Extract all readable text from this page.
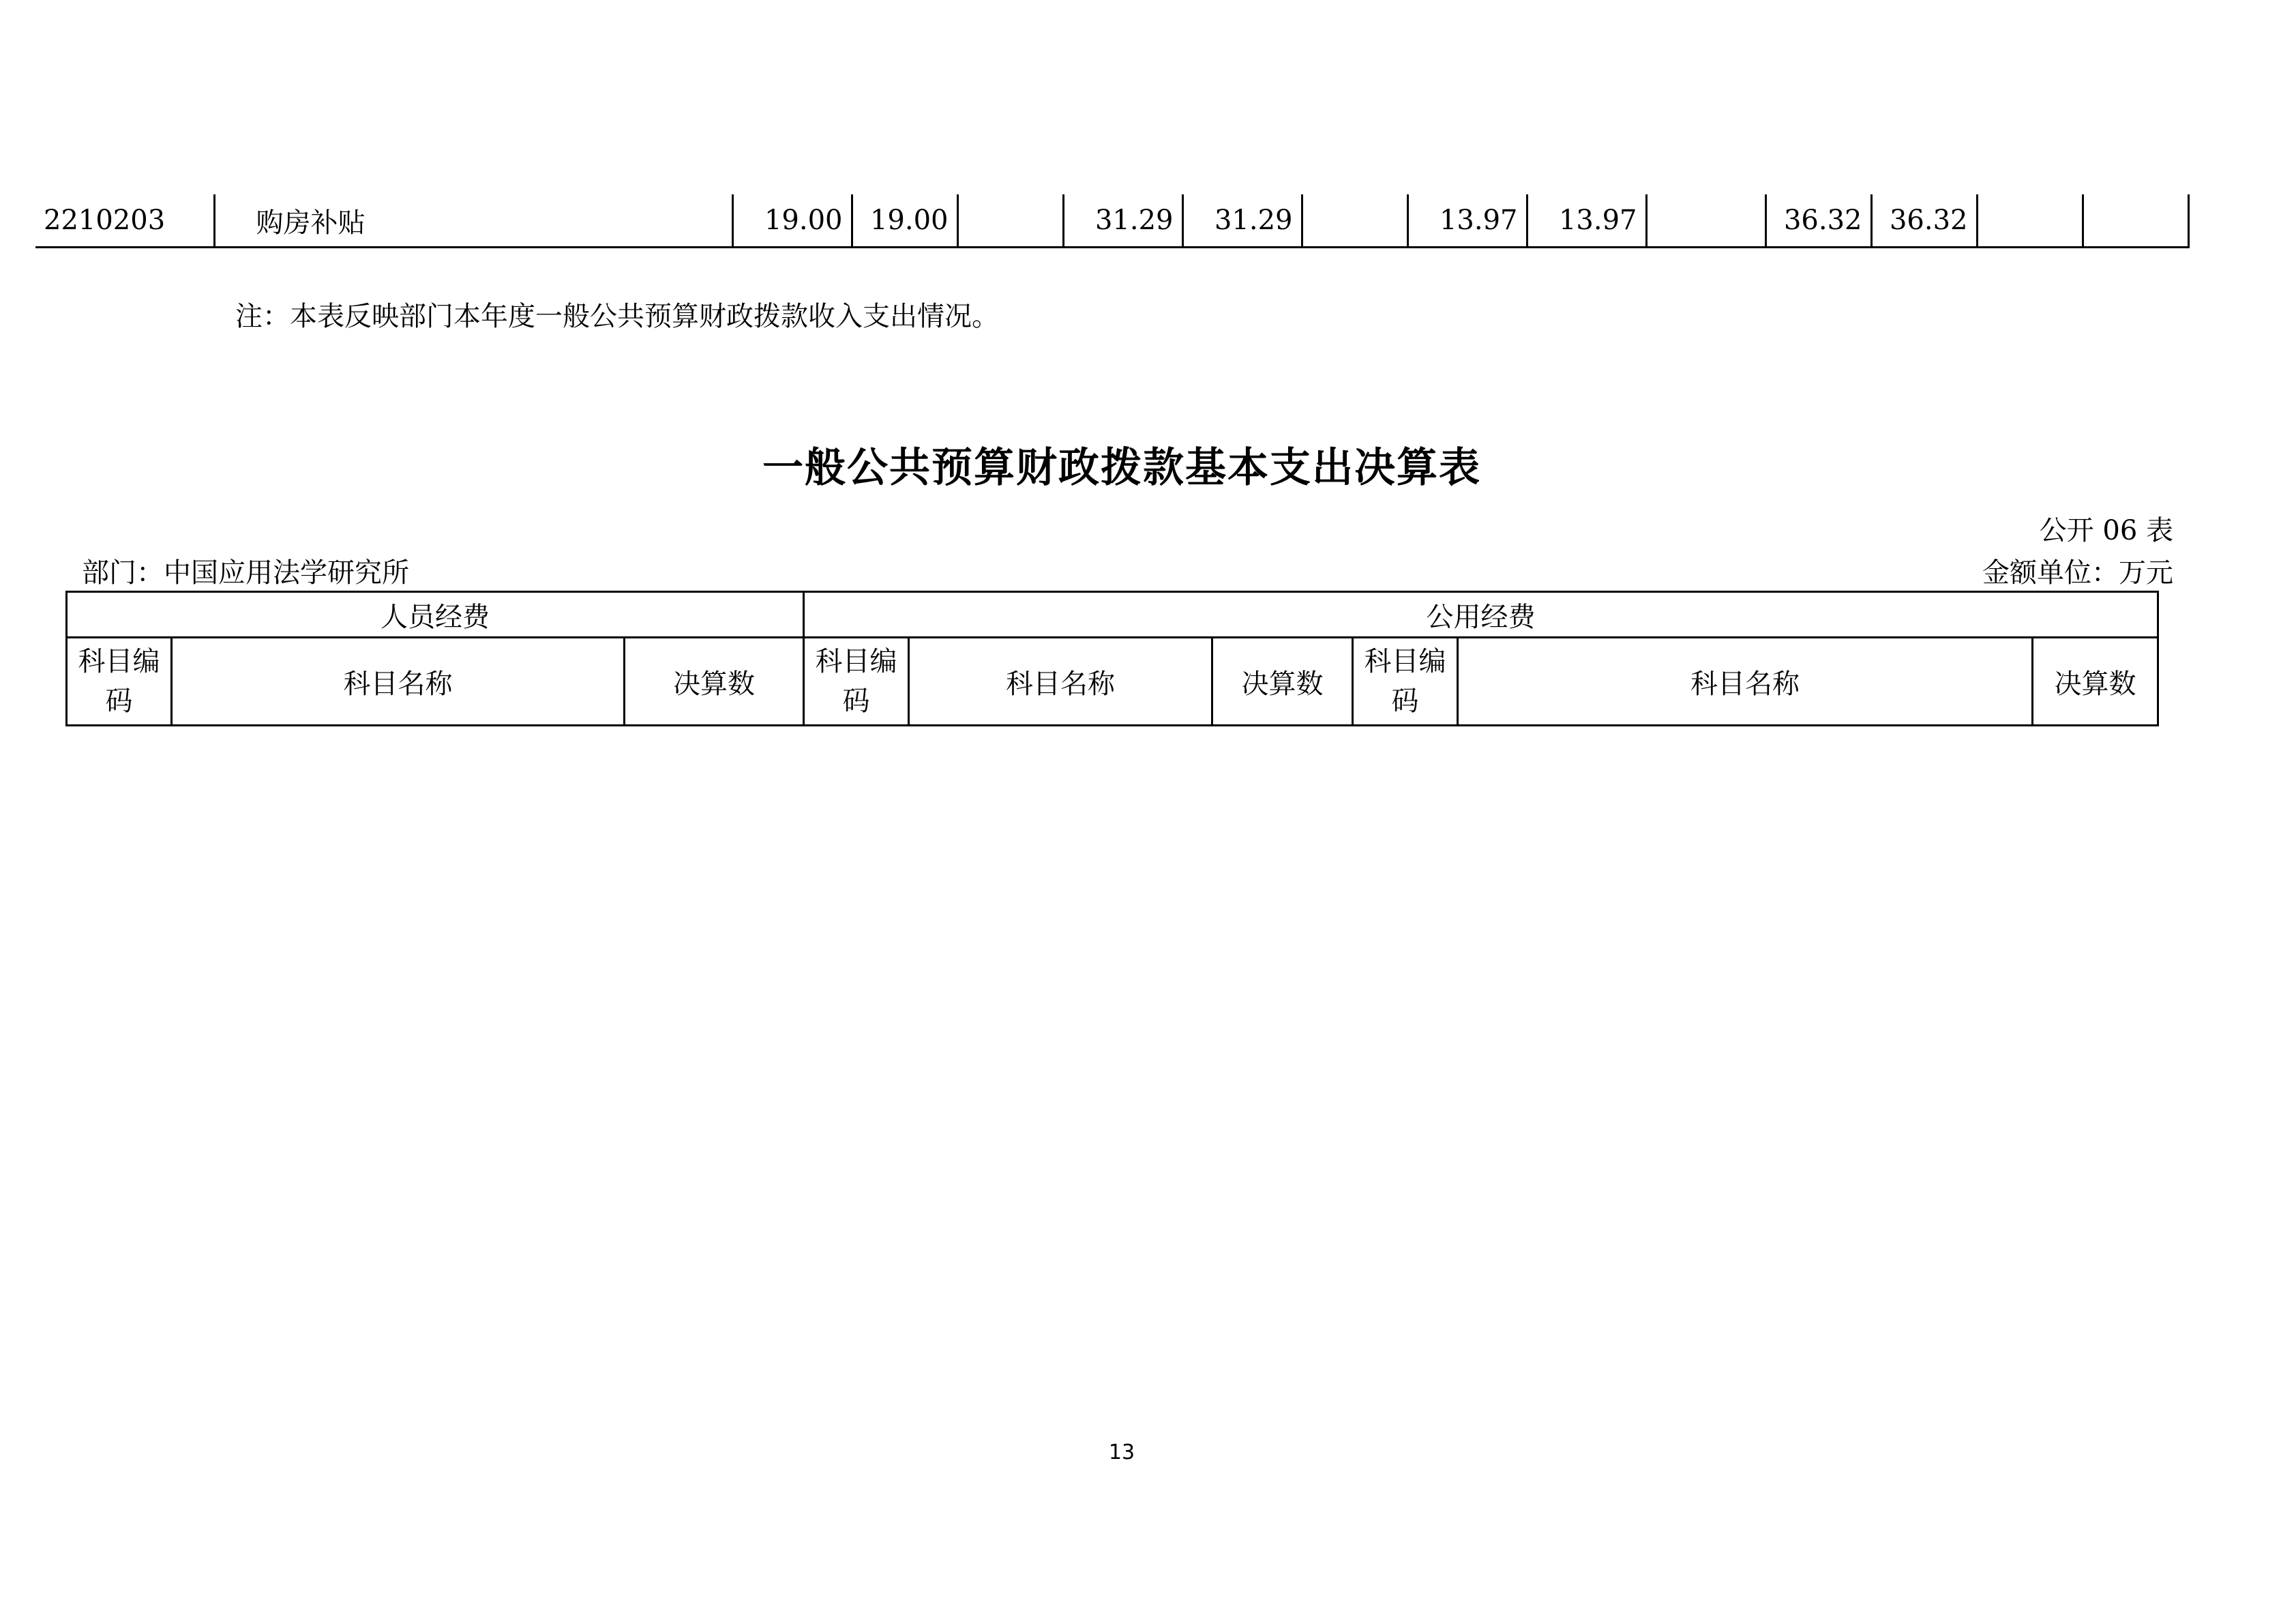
2210203	购房补贴	19.00	19.00		31.29	31.29		13.97	13.97		36.32	36.32		
注：本表反映部门本年度一般公共预算财政拨款收入支出情况。
一般公共预算财政拨款基本支出决算表
公开 06 表
部门：中国应用法学研究所	金额单位：万元
人员经费			公用经费					
科目编码	科目名称	决算数	科目编码	科目名称	决算数	科目编码	科目名称	决算数
13
